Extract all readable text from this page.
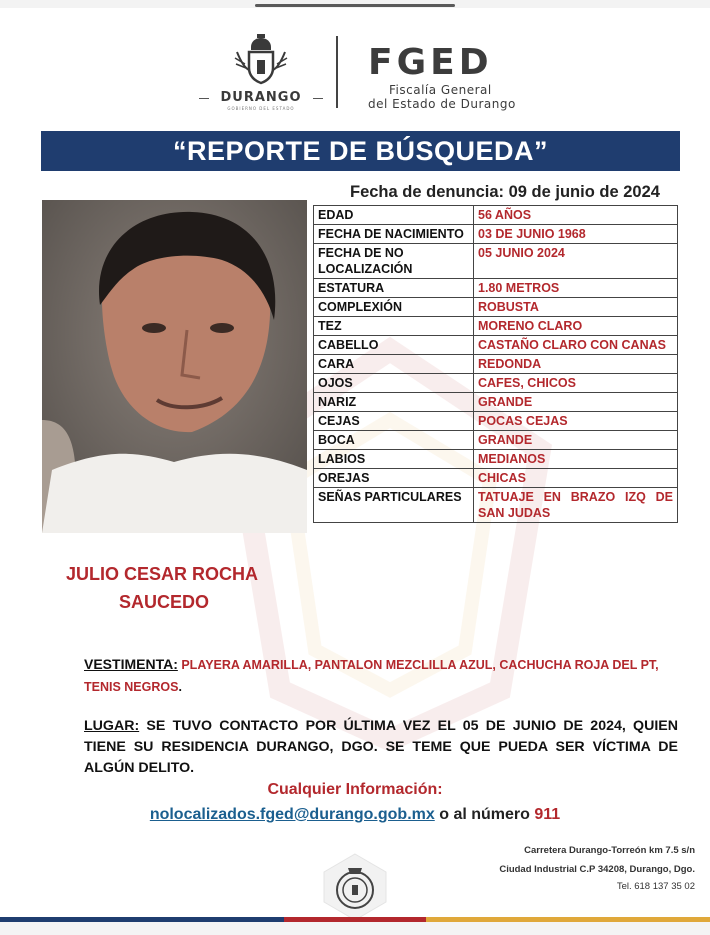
DURANGO
GOBIERNO DEL ESTADO
FGED
Fiscalía General
del Estado de Durango
“REPORTE DE BÚSQUEDA”
Fecha de denuncia: 09 de junio de 2024
EDAD	56 AÑOS
FECHA DE NACIMIENTO	03 DE JUNIO 1968
FECHA DE NO LOCALIZACIÓN	05 JUNIO 2024
ESTATURA	1.80 METROS
COMPLEXIÓN	ROBUSTA
TEZ	MORENO CLARO
CABELLO	CASTAÑO CLARO CON CANAS
CARA	REDONDA
OJOS	CAFES, CHICOS
NARIZ	GRANDE
CEJAS	POCAS CEJAS
BOCA	GRANDE
LABIOS	MEDIANOS
OREJAS	CHICAS
SEÑAS PARTICULARES	TATUAJE EN BRAZO IZQ DE SAN JUDAS
JULIO CESAR ROCHA
SAUCEDO
VESTIMENTA: PLAYERA AMARILLA, PANTALON MEZCLILLA AZUL, CACHUCHA ROJA DEL PT, TENIS NEGROS.
LUGAR: SE TUVO CONTACTO POR ÚLTIMA VEZ EL 05 DE JUNIO DE 2024, QUIEN TIENE SU RESIDENCIA DURANGO, DGO. SE TEME QUE PUEDA SER VÍCTIMA DE ALGÚN DELITO.
Cualquier Información:
nolocalizados.fged@durango.gob.mx o al número 911
Carretera Durango-Torreón km 7.5 s/n
Ciudad Industrial C.P 34208, Durango, Dgo.
Tel. 618 137 35 02
